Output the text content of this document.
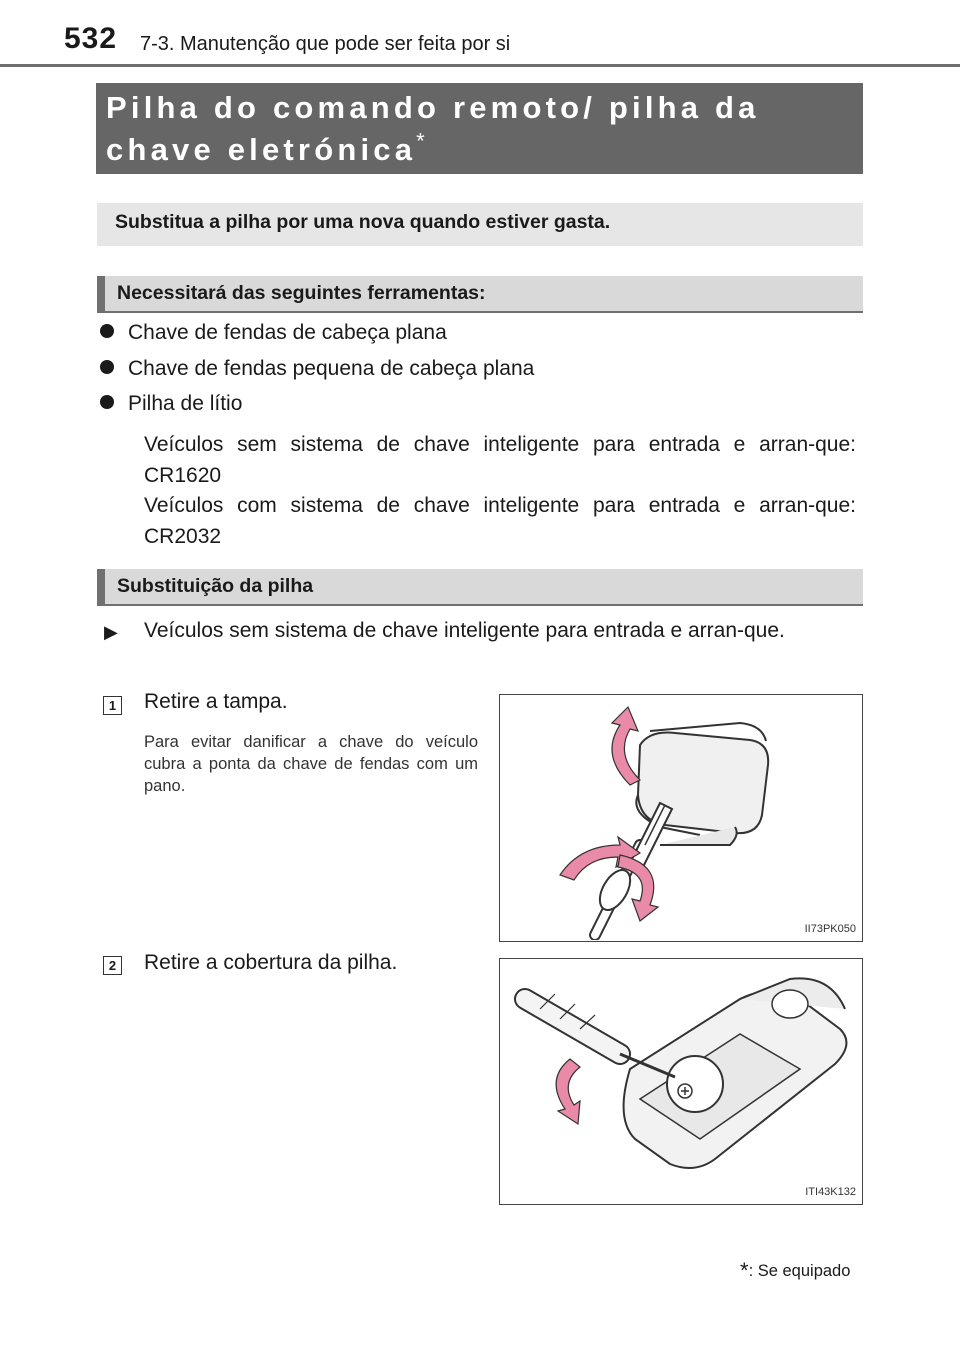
532 7-3. Manutenção que pode ser feita por si
Pilha do comando remoto/ pilha da chave eletrónica*
Substitua a pilha por uma nova quando estiver gasta.
Necessitará das seguintes ferramentas:
Chave de fendas de cabeça plana
Chave de fendas pequena de cabeça plana
Pilha de lítio
Veículos sem sistema de chave inteligente para entrada e arran-que: CR1620
Veículos com sistema de chave inteligente para entrada e arran-que: CR2032
Substituição da pilha
▶ Veículos sem sistema de chave inteligente para entrada e arran-que.
1 Retire a tampa.
Para evitar danificar a chave do veículo cubra a ponta da chave de fendas com um pano.
II73PK050
2 Retire a cobertura da pilha.
ITI43K132
*: Se equipado
